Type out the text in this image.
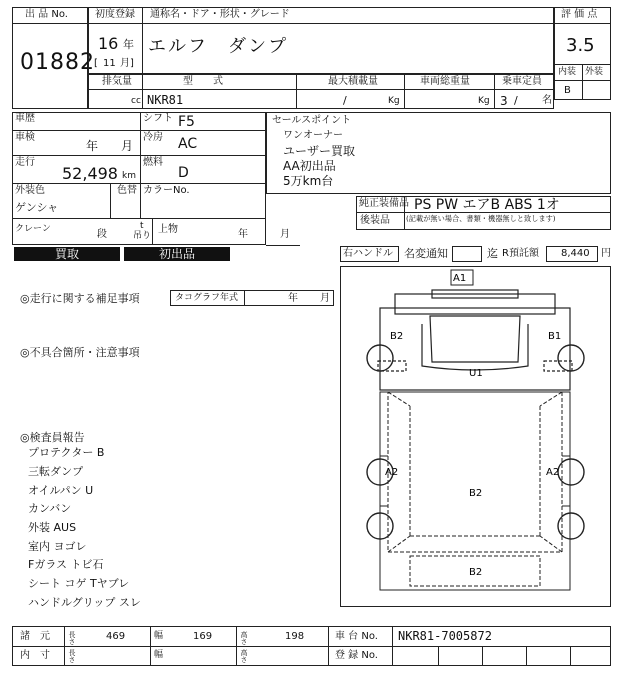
出 品 No.
01882
初度登録 通称名・ドア・形状・グレード
16 年
[ 11 月]
エルフ　ダンプ
評 価 点
3.5
内装 外装
B
排気量	型　　式	最大積載量	車両総重量	乗車定員
cc NKR81	/	Kg	Kg 3 / 名
車歴	シフト F5
車検
年 月
冷房 AC
走行
52,498 km
燃料
D
外装色
ゲンシャ
色替 カラーNo.
クレーン	段
t
吊り
上物	年	月
セールスポイント
ワンオーナー
ユーザー買取
AA初出品
5万km台
純正装備品 PS PW エアB ABS 1オ
後装品 (記載が無い場合、書類・機器無しと致します)
買取	初出品	右ハンドル 名変通知	迄 R預託額 8,440 円
◎走行に関する補足事項	タコグラフ年式	年 月
◎不具合箇所・注意事項
◎検査員報告
プロテクター B
三転ダンプ
オイルパン U
カンバン
外装 AUS
室内 ヨゴレ
Fガラス トビ石
シート コゲ Tヤブレ
ハンドルグリップ スレ
A1
B2	B1
U1
A2	A2
B2
B2
諸　元	長さ	469	幅	169	高さ	198	車 台 No. NKR81-7005872
内　寸	長さ	幅	高さ	登 録 No.
